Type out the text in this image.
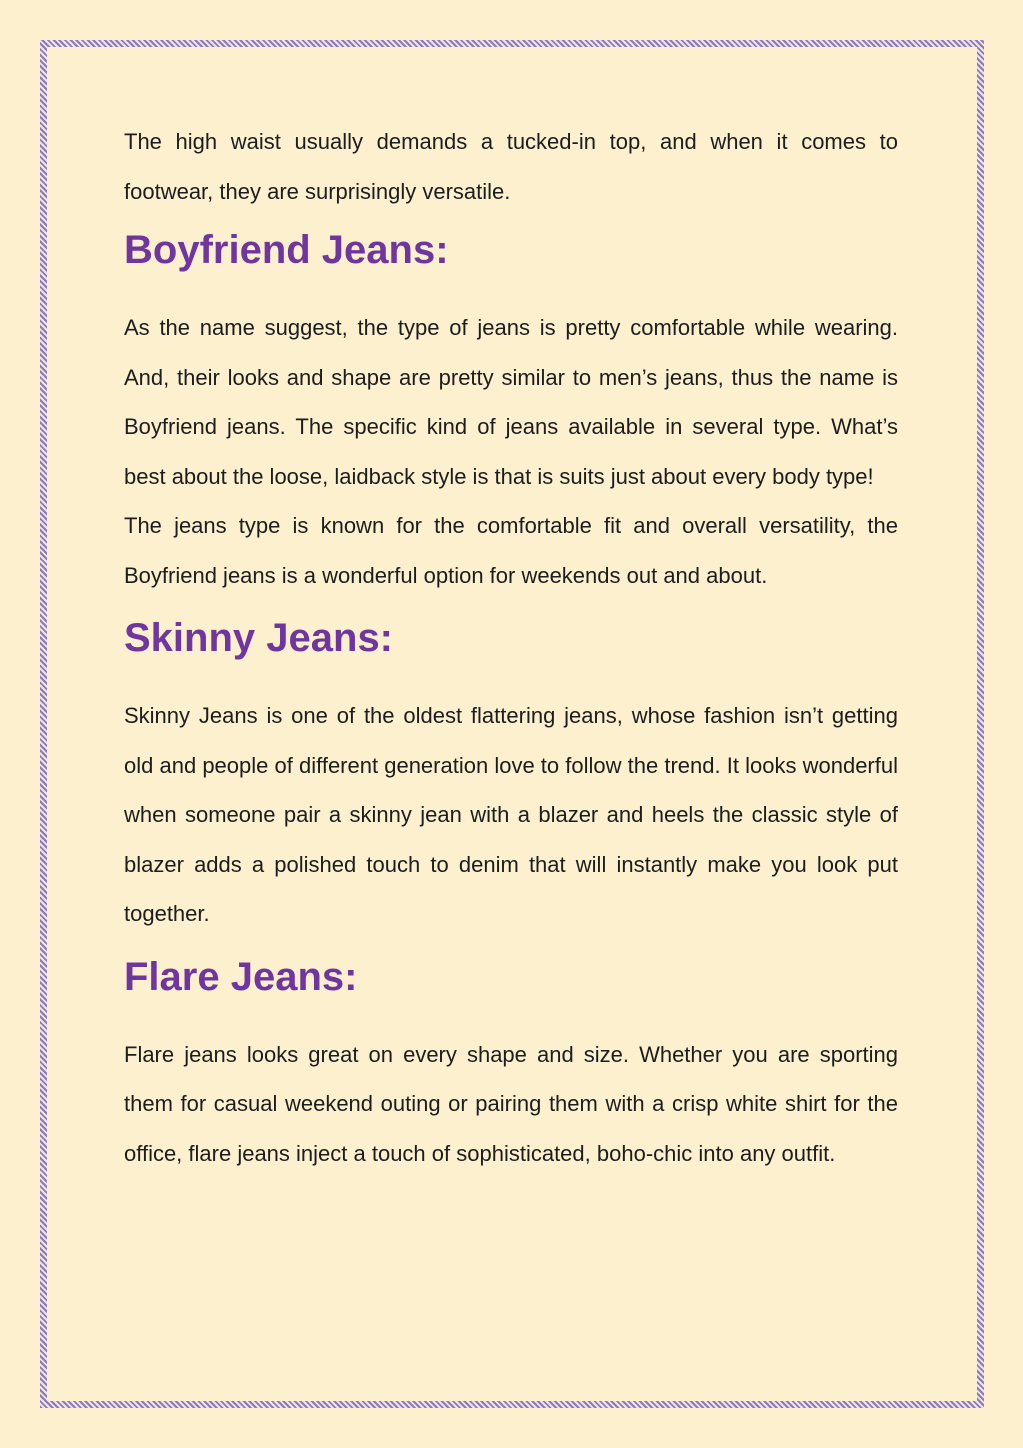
The high waist usually demands a tucked-in top, and when it comes to footwear, they are surprisingly versatile.

Boyfriend Jeans:

As the name suggest, the type of jeans is pretty comfortable while wearing. And, their looks and shape are pretty similar to men’s jeans, thus the name is Boyfriend jeans. The specific kind of jeans available in several type. What’s best about the loose, laidback style is that is suits just about every body type!

The jeans type is known for the comfortable fit and overall versatility, the Boyfriend jeans is a wonderful option for weekends out and about.

Skinny Jeans:

Skinny Jeans is one of the oldest flattering jeans, whose fashion isn’t getting old and people of different generation love to follow the trend. It looks wonderful when someone pair a skinny jean with a blazer and heels the classic style of blazer adds a polished touch to denim that will instantly make you look put together.

Flare Jeans:

Flare jeans looks great on every shape and size. Whether you are sporting them for casual weekend outing or pairing them with a crisp white shirt for the office, flare jeans inject a touch of sophisticated, boho-chic into any outfit.
